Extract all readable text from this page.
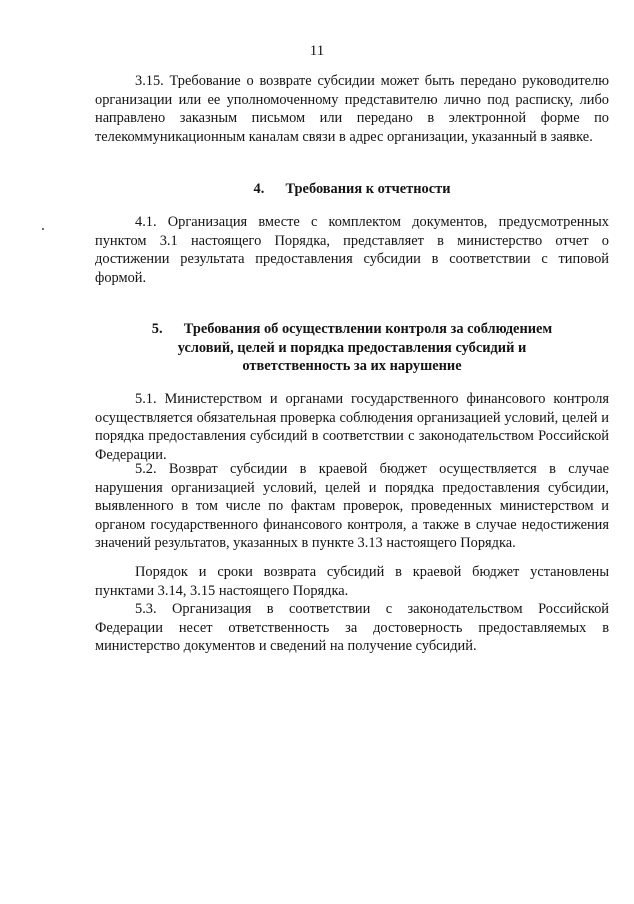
11

3.15. Требование о возврате субсидии может быть передано руководителю организации или ее уполномоченному представителю лично под расписку, либо направлено заказным письмом или передано в электронной форме по телекоммуникационным каналам связи в адрес организации, указанный в заявке.

4. Требования к отчетности

4.1. Организация вместе с комплектом документов, предусмотренных пунктом 3.1 настоящего Порядка, представляет в министерство отчет о достижении результата предоставления субсидии в соответствии с типовой формой.

5. Требования об осуществлении контроля за соблюдением
условий, целей и порядка предоставления субсидий и
ответственность за их нарушение

5.1. Министерством и органами государственного финансового контроля осуществляется обязательная проверка соблюдения организацией условий, целей и порядка предоставления субсидий в соответствии с законодательством Российской Федерации.

5.2. Возврат субсидии в краевой бюджет осуществляется в случае нарушения организацией условий, целей и порядка предоставления субсидии, выявленного в том числе по фактам проверок, проведенных министерством и органом государственного финансового контроля, а также в случае недостижения значений результатов, указанных в пункте 3.13 настоящего Порядка.

Порядок и сроки возврата субсидий в краевой бюджет установлены пунктами 3.14, 3.15 настоящего Порядка.

5.3. Организация в соответствии с законодательством Российской Федерации несет ответственность за достоверность предоставляемых в министерство документов и сведений на получение субсидий.
